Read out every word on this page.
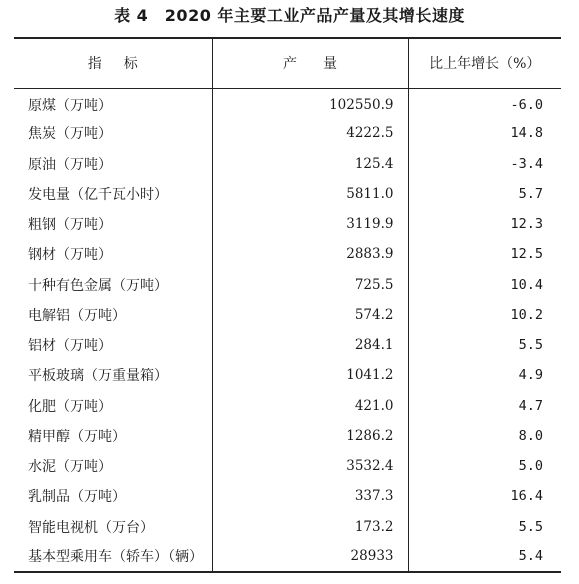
表 4　2020 年主要工业产品产量及其增长速度
指标	产量	比上年增长（%）
原煤（万吨）	102550.9	-6.0
焦炭（万吨）	4222.5	14.8
原油（万吨）	125.4	-3.4
发电量（亿千瓦小时）	5811.0	5.7
粗钢（万吨）	3119.9	12.3
钢材（万吨）	2883.9	12.5
十种有色金属（万吨）	725.5	10.4
电解铝（万吨）	574.2	10.2
铝材（万吨）	284.1	5.5
平板玻璃（万重量箱）	1041.2	4.9
化肥（万吨）	421.0	4.7
精甲醇（万吨）	1286.2	8.0
水泥（万吨）	3532.4	5.0
乳制品（万吨）	337.3	16.4
智能电视机（万台）	173.2	5.5
基本型乘用车（轿车）（辆）	28933	5.4
